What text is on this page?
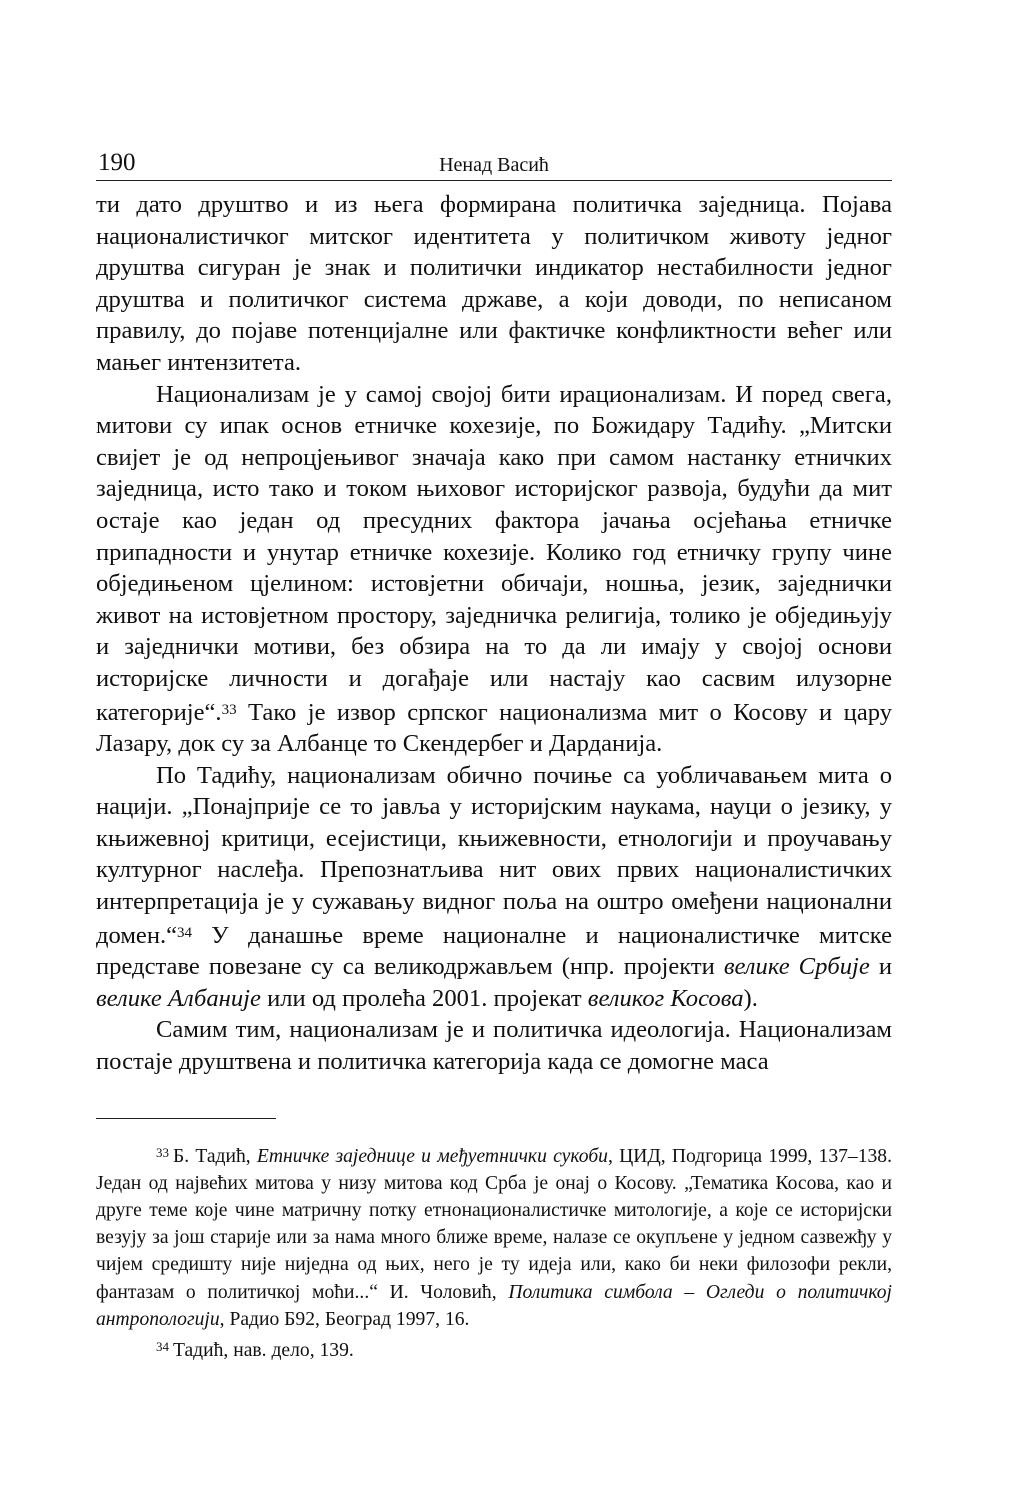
190	Ненад Васић

ти дато друштво и из њега формирана политичка заједница. Појава националистичког митског идентитета у политичком животу једног друштва сигуран је знак и политички индикатор нестабилности једног друштва и политичког система државе, а који доводи, по неписаном правилу, до појаве потенцијалне или фактичке конфликтности већег или мањег интензитета.

Национализам је у самој својој бити ирационализам. И поред свега, митови су ипак основ етничке кохезије, по Божидару Тадићу. „Митски свијет је од непроцјењивог значаја како при самом настанку етничких заједница, исто тако и током њиховог историјског развоја, будући да мит остаје као један од пресудних фактора јачања осјећања етничке припадности и унутар етничке кохезије. Колико год етничку групу чине обједињеном цјелином: истовјетни обичаји, ношња, језик, заједнички живот на истовјетном простору, заједничка религија, толико је обједињују и заједнички мотиви, без обзира на то да ли имају у својој основи историјске личности и догађаје или настају као сасвим илузорне категорије“.$^{33}$ Тако је извор српског национализма мит о Косову и цару Лазару, док су за Албанце то Скендербег и Дарданија.

По Тадићу, национализам обично почиње са уобличавањем мита о нацији. „Понајприје се то јавља у историјским наукама, науци о језику, у књижевној критици, есејистици, књижевности, етнологији и проучавању културног наслеђа. Препознатљива нит ових првих националистичких интерпретација је у сужавању видног поља на оштро омеђени национални домен.“$^{34}$ У данашње време националне и националистичке митске представе повезане су са великодржављем (нпр. пројекти велике Србије и велике Албаније или од пролећа 2001. пројекат великог Косова).

Самим тим, национализам је и политичка идеологија. Национализам постаје друштвена и политичка категорија када се домогне маса

$^{33}$ Б. Тадић, Етничке заједнице и међуетнички сукоби, ЦИД, Подгорица 1999, 137–138. Један од највећих митова у низу митова код Срба је онај о Косову. „Тематика Косова, као и друге теме које чине матричну потку етнонационалистичке митологије, а које се историјски везују за још старије или за нама много ближе време, налазе се окупљене у једном сазвежђу у чијем средишту није ниједна од њих, него је ту идеја или, како би неки филозофи рекли, фантазам о политичкој моћи...“ И. Чоловић, Политика симбола – Огледи о политичкој антропологији, Радио Б92, Београд 1997, 16.

$^{34}$ Тадић, нав. дело, 139.
